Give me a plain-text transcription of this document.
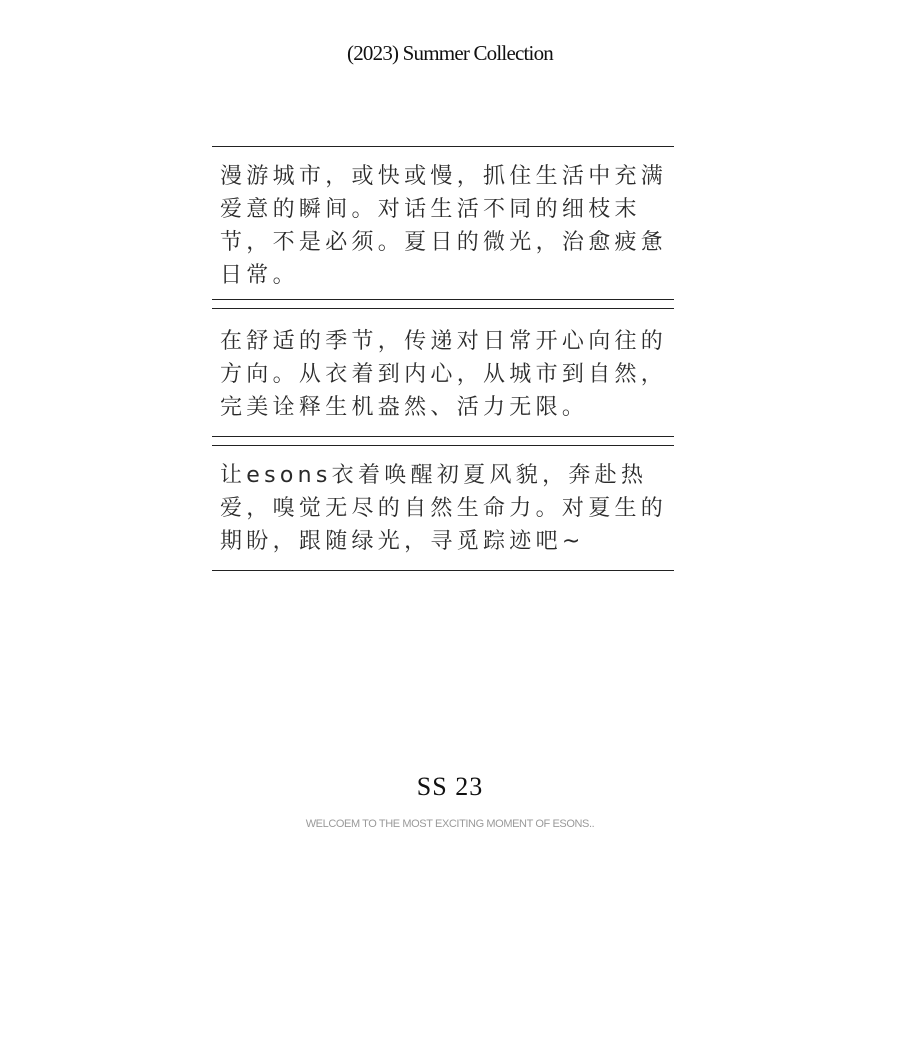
(2023) Summer Collection

漫游城市，或快或慢，抓住生活中充满爱意的瞬间。对话生活不同的细枝末节，不是必须。夏日的微光，治愈疲惫日常。

在舒适的季节，传递对日常开心向往的方向。从衣着到内心，从城市到自然，完美诠释生机盎然、活力无限。

让esons衣着唤醒初夏风貌，奔赴热爱，嗅觉无尽的自然生命力。对夏生的期盼，跟随绿光，寻觅踪迹吧~

SS 23
WELCOEM TO THE MOST EXCITING MOMENT OF ESONS..
